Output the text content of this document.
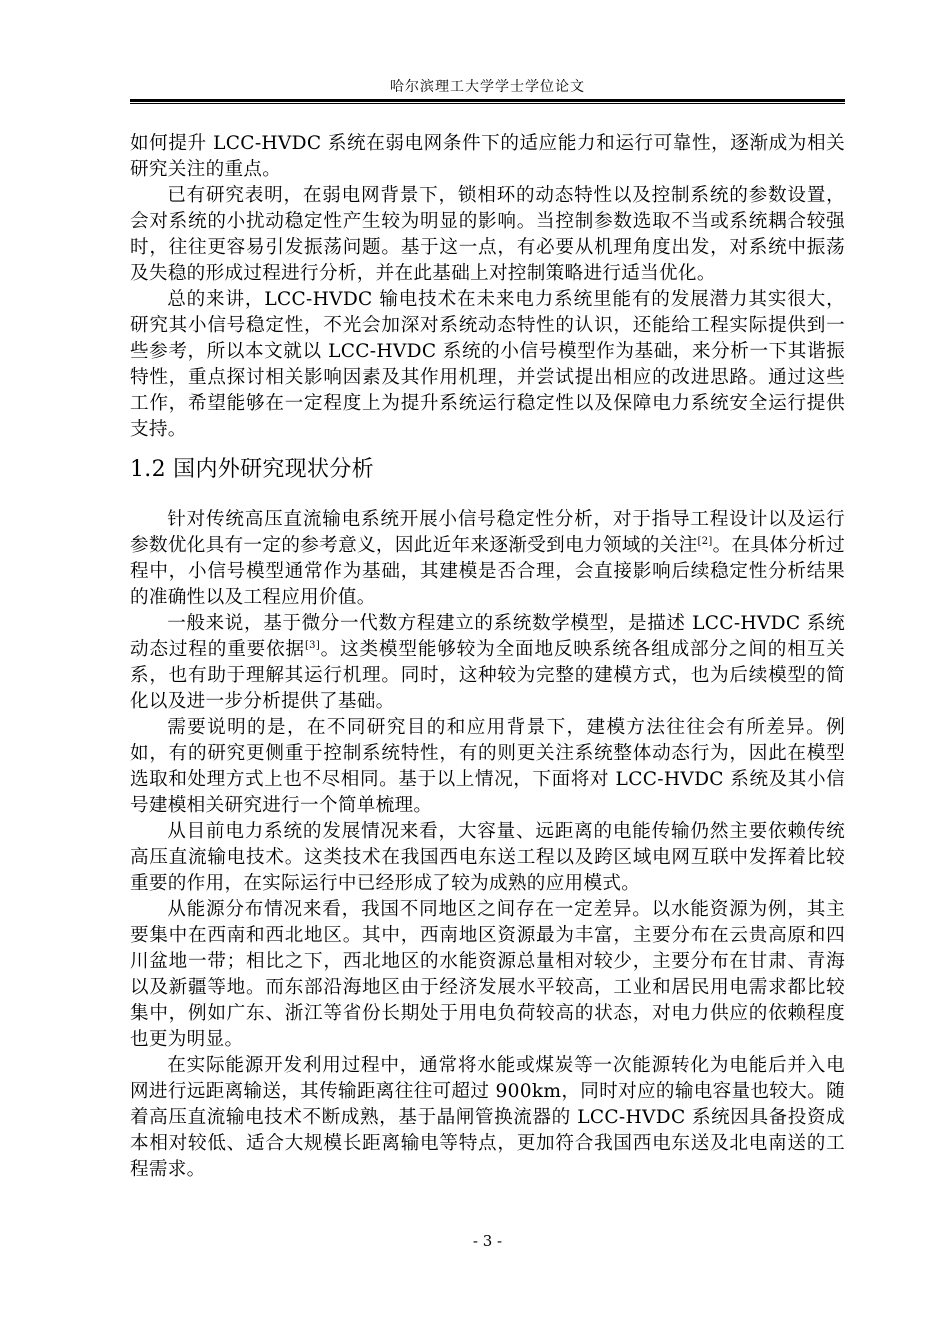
哈尔滨理工大学学士学位论文

如何提升 LCC-HVDC 系统在弱电网条件下的适应能力和运行可靠性，逐渐成为相关研究关注的重点。

已有研究表明，在弱电网背景下，锁相环的动态特性以及控制系统的参数设置，会对系统的小扰动稳定性产生较为明显的影响。当控制参数选取不当或系统耦合较强时，往往更容易引发振荡问题。基于这一点，有必要从机理角度出发，对系统中振荡及失稳的形成过程进行分析，并在此基础上对控制策略进行适当优化。

总的来讲，LCC-HVDC 输电技术在未来电力系统里能有的发展潜力其实很大，研究其小信号稳定性，不光会加深对系统动态特性的认识，还能给工程实际提供到一些参考，所以本文就以 LCC-HVDC 系统的小信号模型作为基础，来分析一下其谐振特性，重点探讨相关影响因素及其作用机理，并尝试提出相应的改进思路。通过这些工作，希望能够在一定程度上为提升系统运行稳定性以及保障电力系统安全运行提供支持。

1.2 国内外研究现状分析

针对传统高压直流输电系统开展小信号稳定性分析，对于指导工程设计以及运行参数优化具有一定的参考意义，因此近年来逐渐受到电力领域的关注[2]。在具体分析过程中，小信号模型通常作为基础，其建模是否合理，会直接影响后续稳定性分析结果的准确性以及工程应用价值。

一般来说，基于微分一代数方程建立的系统数学模型，是描述 LCC-HVDC 系统动态过程的重要依据[3]。这类模型能够较为全面地反映系统各组成部分之间的相互关系，也有助于理解其运行机理。同时，这种较为完整的建模方式，也为后续模型的简化以及进一步分析提供了基础。

需要说明的是，在不同研究目的和应用背景下，建模方法往往会有所差异。例如，有的研究更侧重于控制系统特性，有的则更关注系统整体动态行为，因此在模型选取和处理方式上也不尽相同。基于以上情况，下面将对 LCC-HVDC 系统及其小信号建模相关研究进行一个简单梳理。

从目前电力系统的发展情况来看，大容量、远距离的电能传输仍然主要依赖传统高压直流输电技术。这类技术在我国西电东送工程以及跨区域电网互联中发挥着比较重要的作用，在实际运行中已经形成了较为成熟的应用模式。

从能源分布情况来看，我国不同地区之间存在一定差异。以水能资源为例，其主要集中在西南和西北地区。其中，西南地区资源最为丰富，主要分布在云贵高原和四川盆地一带；相比之下，西北地区的水能资源总量相对较少，主要分布在甘肃、青海以及新疆等地。而东部沿海地区由于经济发展水平较高，工业和居民用电需求都比较集中，例如广东、浙江等省份长期处于用电负荷较高的状态，对电力供应的依赖程度也更为明显。

在实际能源开发利用过程中，通常将水能或煤炭等一次能源转化为电能后并入电网进行远距离输送，其传输距离往往可超过 900km，同时对应的输电容量也较大。随着高压直流输电技术不断成熟，基于晶闸管换流器的 LCC-HVDC 系统因具备投资成本相对较低、适合大规模长距离输电等特点，更加符合我国西电东送及北电南送的工程需求。

- 3 -
